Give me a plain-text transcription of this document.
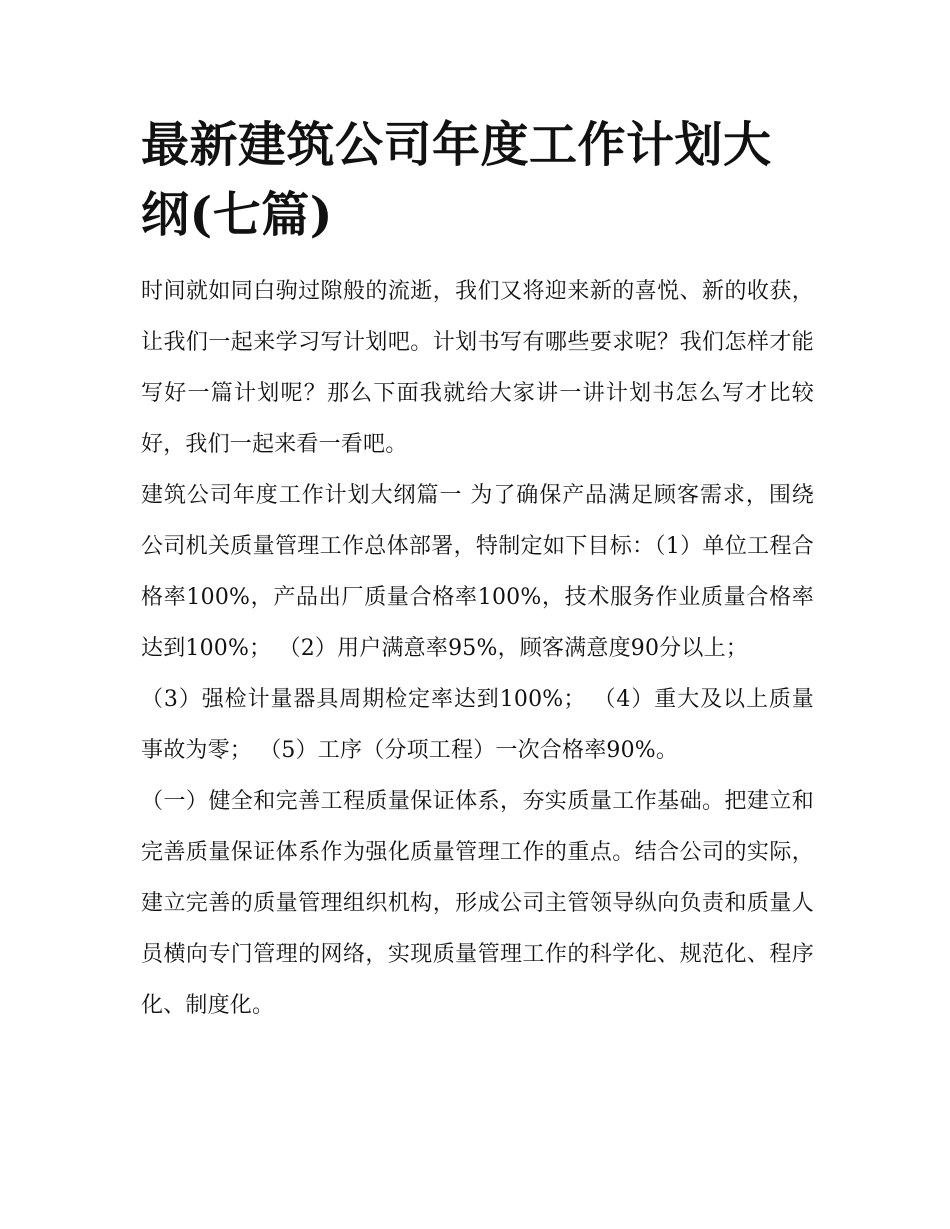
最新建筑公司年度工作计划大
纲(七篇)

时间就如同白驹过隙般的流逝，我们又将迎来新的喜悦、新的收获，让我们一起来学习写计划吧。计划书写有哪些要求呢？我们怎样才能写好一篇计划呢？那么下面我就给大家讲一讲计划书怎么写才比较好，我们一起来看一看吧。

建筑公司年度工作计划大纲篇一 为了确保产品满足顾客需求，围绕公司机关质量管理工作总体部署，特制定如下目标：（1）单位工程合格率100%，产品出厂质量合格率100%，技术服务作业质量合格率达到100%； （2）用户满意率95%，顾客满意度90分以上；

（3）强检计量器具周期检定率达到100%； （4）重大及以上质量事故为零； （5）工序（分项工程）一次合格率90%。

（一）健全和完善工程质量保证体系，夯实质量工作基础。把建立和完善质量保证体系作为强化质量管理工作的重点。结合公司的实际，建立完善的质量管理组织机构，形成公司主管领导纵向负责和质量人员横向专门管理的网络，实现质量管理工作的科学化、规范化、程序化、制度化。
